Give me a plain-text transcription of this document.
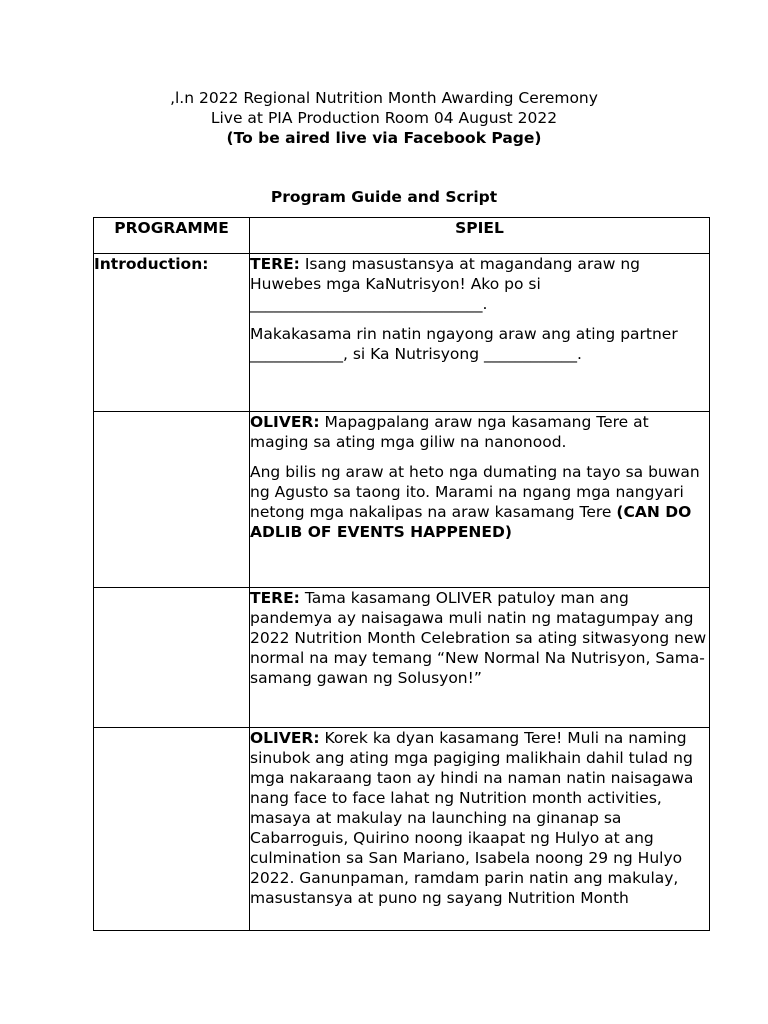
,l.n 2022 Regional Nutrition Month Awarding Ceremony

Live at PIA Production Room 04 August 2022

(To be aired live via Facebook Page)

Program Guide and Script
PROGRAMME	SPIEL
Introduction:	TERE: Isang masustansya at magandang araw ng Huwebes mga KaNutrisyon! Ako po si ______________________________.

Makakasama rin natin ngayong araw ang ating partner ____________, si Ka Nutrisyong ____________.

	OLIVER: Mapagpalang araw nga kasamang Tere at maging sa ating mga giliw na nanonood.

Ang bilis ng araw at heto nga dumating na tayo sa buwan ng Agusto sa taong ito. Marami na ngang mga nangyari netong mga nakalipas na araw kasamang Tere (CAN DO ADLIB OF EVENTS HAPPENED)

	TERE: Tama kasamang OLIVER patuloy man ang pandemya ay naisagawa muli natin ng matagumpay ang 2022 Nutrition Month Celebration sa ating sitwasyong new normal na may temang “New Normal Na Nutrisyon, Sama-samang gawan ng Solusyon!”

	OLIVER: Korek ka dyan kasamang Tere! Muli na naming sinubok ang ating mga pagiging malikhain dahil tulad ng mga nakaraang taon ay hindi na naman natin naisagawa nang face to face lahat ng Nutrition month activities, masaya at makulay na launching na ginanap sa Cabarroguis, Quirino noong ikaapat ng Hulyo at ang culmination sa San Mariano, Isabela noong 29 ng Hulyo 2022. Ganunpaman, ramdam parin natin ang makulay, masustansya at puno ng sayang Nutrition Month
